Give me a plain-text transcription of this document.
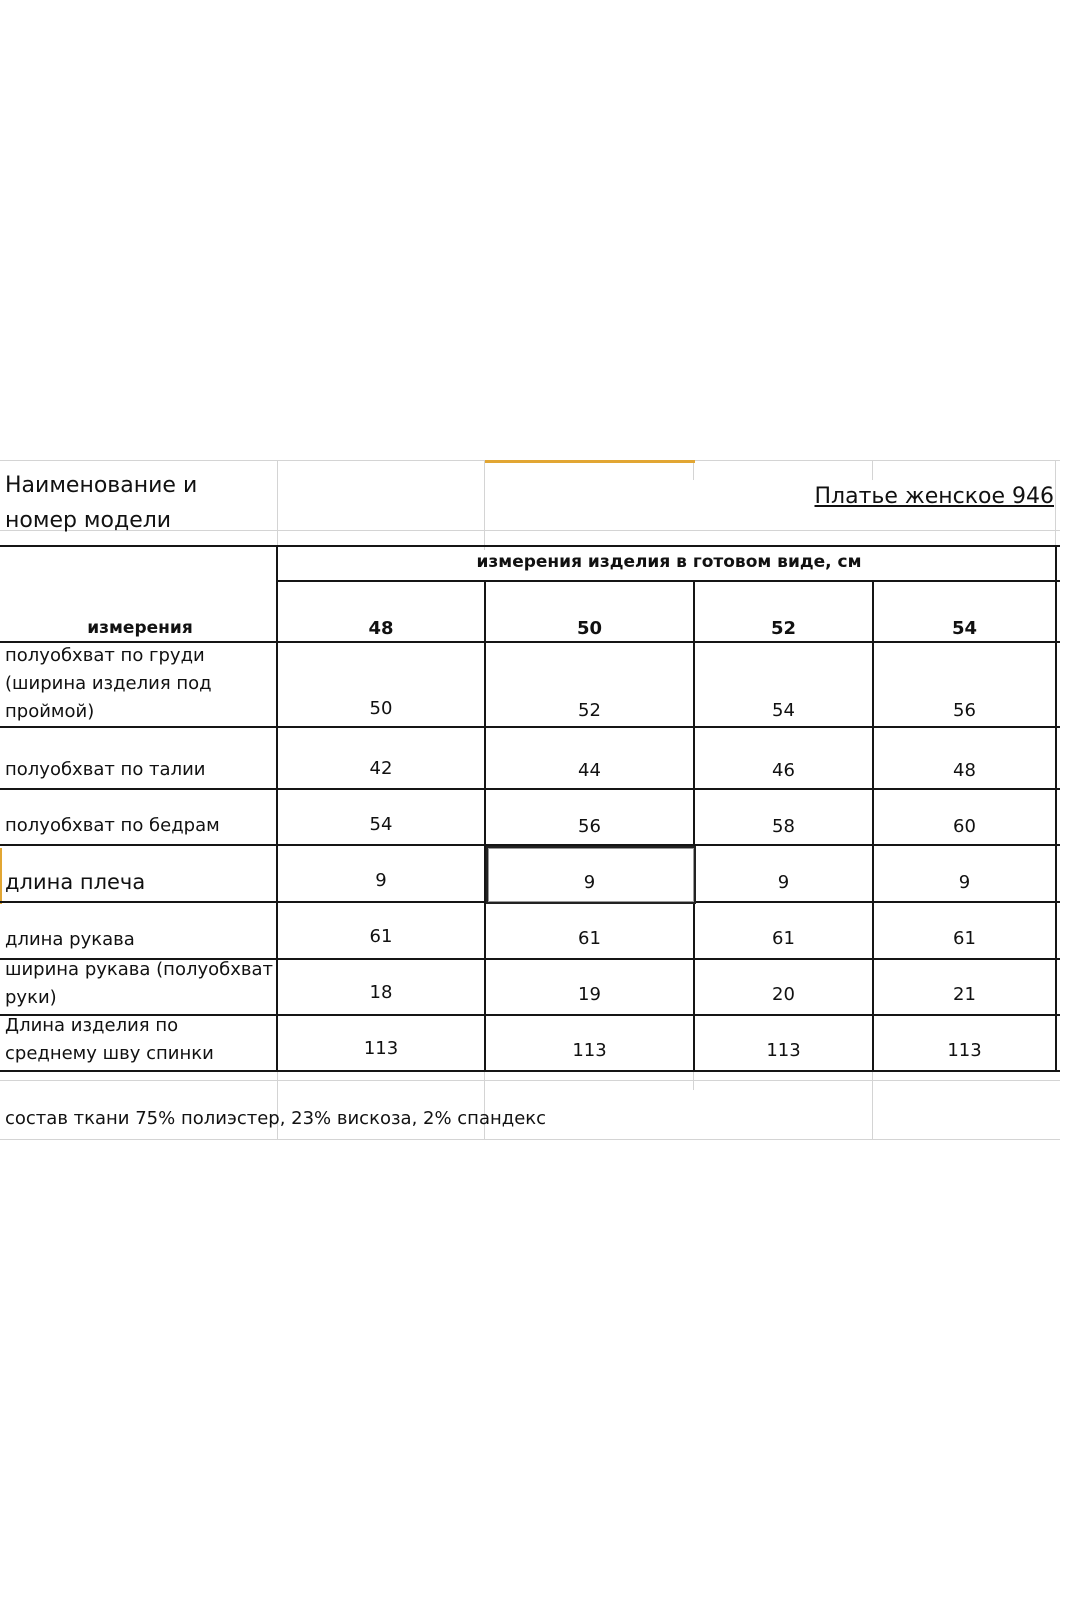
Наименование и номер модели
Платье женское 946
измерения изделия в готовом виде, см
измерения	48	50	52	54
полуобхват по груди (ширина изделия под проймой)	50	52	54	56
полуобхват по талии	42	44	46	48
полуобхват по бедрам	54	56	58	60
длина плеча	9	9	9	9
длина рукава	61	61	61	61
ширина рукава (полуобхват руки)	18	19	20	21
Длина изделия по среднему шву спинки	113	113	113	113
состав ткани 75% полиэстер, 23% вискоза, 2% спандекс
